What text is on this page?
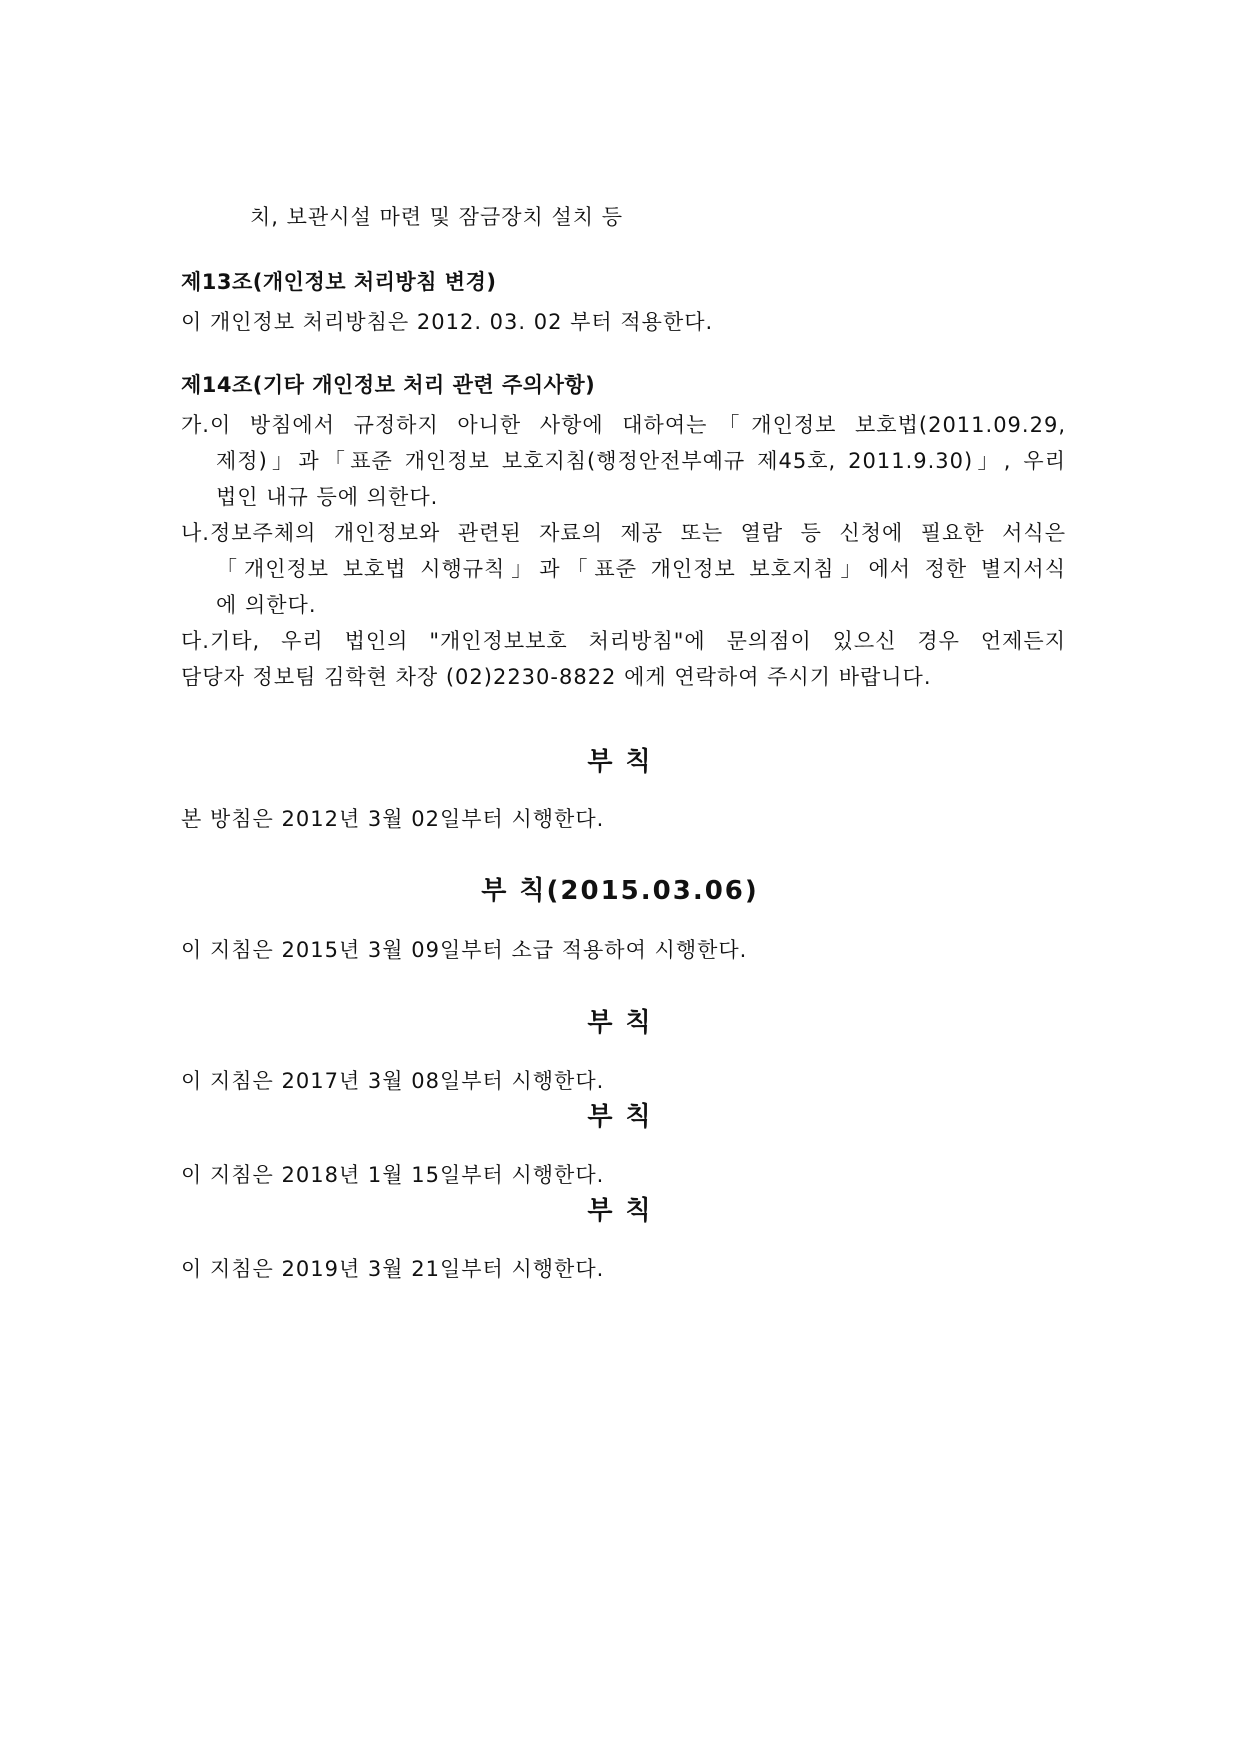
치, 보관시설 마련 및 잠금장치 설치 등
제13조(개인정보 처리방침 변경)
이 개인정보 처리방침은 2012. 03. 02 부터 적용한다.
제14조(기타 개인정보 처리 관련 주의사항)
가.이 방침에서 규정하지 아니한 사항에 대하여는「개인정보 보호법(2011.09.29,
제정)」과「표준 개인정보 보호지침(행정안전부예규 제45호, 2011.9.30)」, 우리
법인 내규 등에 의한다.
나.정보주체의 개인정보와 관련된 자료의 제공 또는 열람 등 신청에 필요한 서식은
「개인정보 보호법 시행규칙」과「표준 개인정보 보호지침」에서 정한 별지서식
에 의한다.
다.기타, 우리 법인의 "개인정보보호 처리방침"에 문의점이 있으신 경우 언제든지
담당자 정보팀 김학현 차장 (02)2230-8822 에게 연락하여 주시기 바랍니다.
부 칙
본 방침은 2012년 3월 02일부터 시행한다.
부 칙(2015.03.06)
이 지침은 2015년 3월 09일부터 소급 적용하여 시행한다.
부 칙
이 지침은 2017년 3월 08일부터 시행한다.
부 칙
이 지침은 2018년 1월 15일부터 시행한다.
부 칙
이 지침은 2019년 3월 21일부터 시행한다.
